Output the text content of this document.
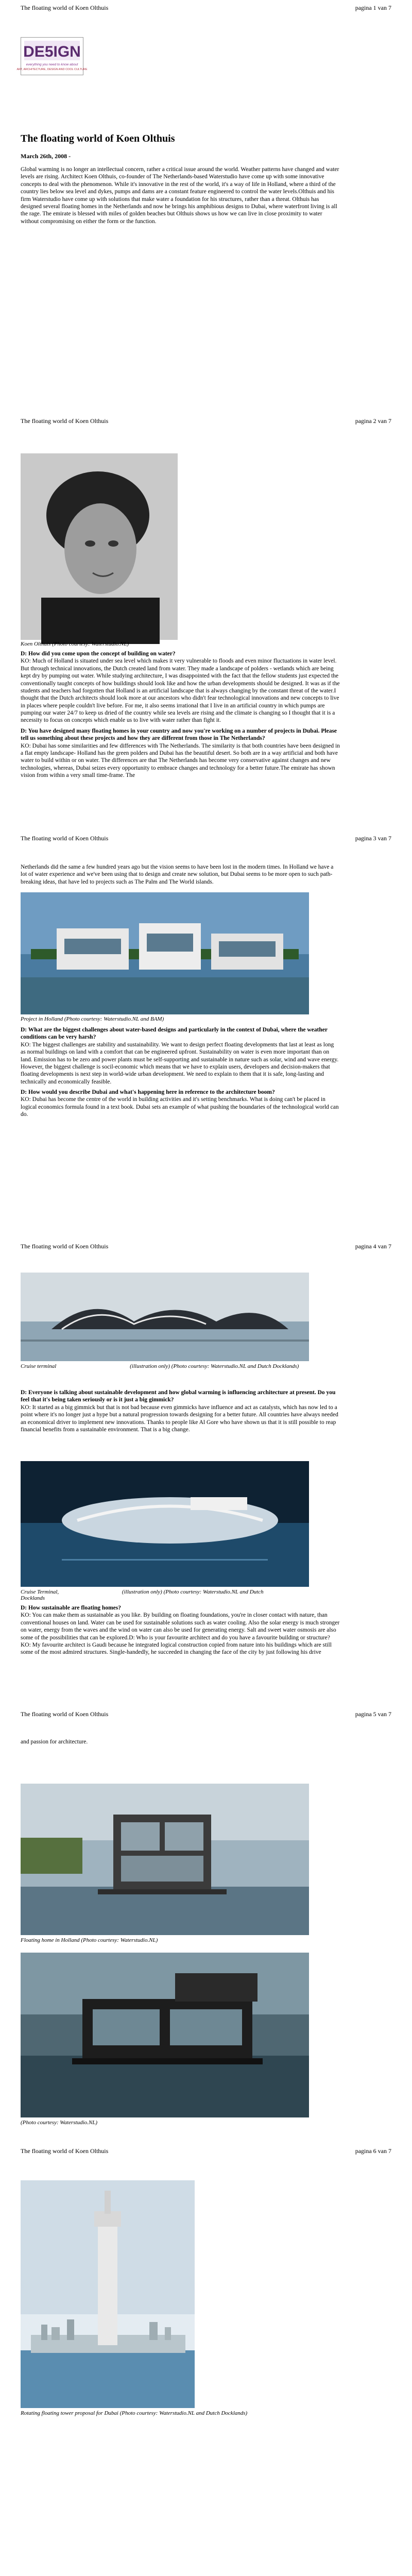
The floating world of Koen Olthuis	pagina 1 van 7
DE5IGN
everything you need to know about
ART, ARCHITECTURE, DESIGN AND COOL CULTURE
The floating world of Koen Olthuis
March 26th, 2008 -

Global warming is no longer an intellectual concern, rather a critical issue around the world. Weather patterns have changed and water levels are rising. Architect Koen Olthuis, co-founder of The Netherlands-based Waterstudio have come up with some innovative concepts to deal with the phenomenon. While it's innovative in the rest of the world, it's a way of life in Holland, where a third of the country lies below sea level and dykes, pumps and dams are a constant feature engineered to control the water levels.Olthuis and his firm Waterstudio have come up with solutions that make water a foundation for his structures, rather than a threat. Olthuis has designed several floating homes in the Netherlands and now he brings his amphibious designs to Dubai, where waterfront living is all the rage. The emirate is blessed with miles of golden beaches but Olthuis shows us how we can live in close proximity to water without compromising on either the form or the function.

The floating world of Koen Olthuis	pagina 2 van 7
Koen Olthuis (Photo courtesy: Waterstudio.NL)

D: How did you come upon the concept of building on water?
KO: Much of Holland is situated under sea level which makes it very vulnerable to floods and even minor fluctuations in water level. But through technical innovations, the Dutch created land from water. They made a landscape of polders - wetlands which are being kept dry by pumping out water. While studying architecture, I was disappointed with the fact that the fellow students just expected the conventionally taught concepts of how buildings should look like and how the urban developments should be designed. It was as if the students and teachers had forgotten that Holland is an artificial landscape that is always changing by the constant threat of the water.I thought that the Dutch architects should look more at our ancestors who didn't fear technological innovations and new concepts to live in places where people couldn't live before. For me, it also seems irrational that I live in an artificial country in which pumps are pumping our water 24/7 to keep us dried of the country while sea levels are rising and the climate is changing so I thought that it is a necessity to focus on concepts which enable us to live with water rather than fight it.

D: You have designed many floating homes in your country and now you're working on a number of projects in Dubai. Please tell us something about these projects and how they are different from those in The Netherlands?
KO: Dubai has some similarities and few differences with The Netherlands. The similarity is that both countries have been designed in a flat empty landscape- Holland has the green polders and Dubai has the beautiful desert. So both are in a way artificial and both have water to build within or on water. The differences are that The Netherlands has become very conservative against changes and new technologies, whereas, Dubai seizes every opportunity to embrace changes and technology for a better future.The emirate has shown vision from within a very small time-frame. The

The floating world of Koen Olthuis	pagina 3 van 7

Netherlands did the same a few hundred years ago but the vision seems to have been lost in the modern times. In Holland we have a lot of water experience and we've been using that to design and create new solution, but Dubai seems to be more open to such path-breaking ideas, that have led to projects such as The Palm and The World islands.

Project in Holland (Photo courtesy: Waterstudio.NL and BAM)

D: What are the biggest challenges about water-based designs and particularly in the context of Dubai, where the weather conditions can be very harsh?
KO: The biggest challenges are stability and sustainability. We want to design perfect floating developments that last at least as long as normal buildings on land with a comfort that can be engineered upfront. Sustainability on water is even more important than on land. Emission has to be zero and power plants must be self-supporting and sustainable in nature such as solar, wind and wave energy. However, the biggest challenge is socil-economic which means that we have to explain users, developers and decision-makers that floating developments is next step in world-wide urban development. We need to explain to them that it is safe, long-lasting and technically and economically feasible.

D: How would you describe Dubai and what's happening here in reference to the architecture boom?
KO: Dubai has become the centre of the world in building activities and it's setting benchmarks. What is doing can't be placed in logical economics formula found in a text book. Dubai sets an example of what pushing the boundaries of the technological world can do.

The floating world of Koen Olthuis	pagina 4 van 7
Cruise terminal	(illustration only) (Photo courtesy: Waterstudio.NL and Dutch Docklands)

D: Everyone is talking about sustainable development and how global warming is influencing architecture at present. Do you feel that it's being taken seriously or is it just a big gimmick?
KO: It started as a big gimmick but that is not bad because even gimmicks have influence and act as catalysts, which has now led to a point where it's no longer just a hype but a natural progression towards designing for a better future. All countries have always needed an economical driver to implement new innovations. Thanks to people like Al Gore who have shown us that it is still possible to reap financial benefits from a sustainable environment. That is a big change.

Cruise Terminal,	(illustration only) (Photo courtesy: Waterstudio.NL and Dutch
Docklands

D: How sustainable are floating homes?
KO: You can make them as sustainable as you like. By building on floating foundations, you're in closer contact with nature, than conventional houses on land. Water can be used for sustainable solutions such as water cooling. Also the solar energy is much stronger on water, energy from the waves and the wind on water can also be used for generating energy. Salt and sweet water osmosis are also some of the possibilities that can be explored.D: Who is your favourite architect and do you have a favourite building or structure?KO: My favourite architect is Gaudi because he integrated logical construction copied from nature into his buildings which are still some of the most admired structures. Single-handedly, he succeeded in changing the face of the city by just following his drive

The floating world of Koen Olthuis	pagina 5 van 7

and passion for architecture.

Floating home in Holland (Photo courtesy: Waterstudio.NL)
(Photo courtesy: Waterstudio.NL)
The floating world of Koen Olthuis	pagina 6 van 7
Rotating floating tower proposal for Dubai (Photo courtesy: Waterstudio.NL and Dutch Docklands)
